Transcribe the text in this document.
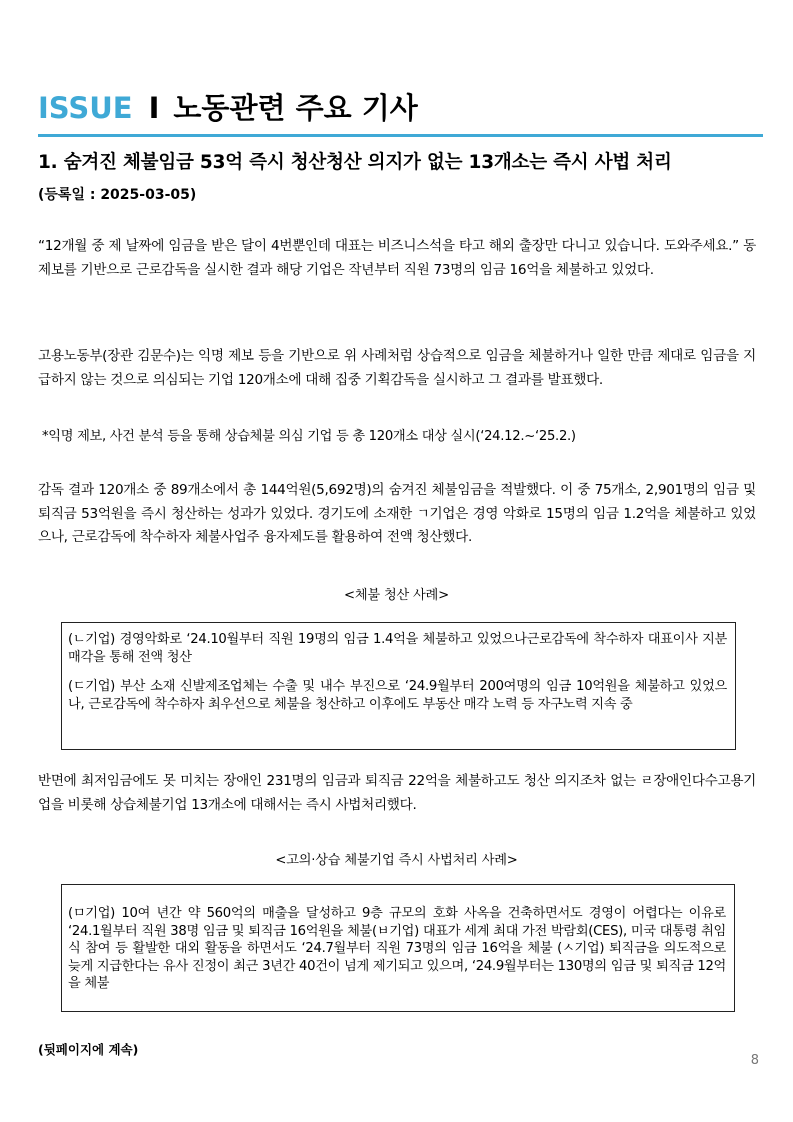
ISSUE I 노동관련 주요 기사
1. 숨겨진 체불임금 53억 즉시 청산청산 의지가 없는 13개소는 즉시 사법 처리
(등록일 : 2025-03-05)

“12개월 중 제 날짜에 임금을 받은 달이 4번뿐인데 대표는 비즈니스석을 타고 해외 출장만 다니고 있습니다. 도와주세요.” 동 제보를 기반으로 근로감독을 실시한 결과 해당 기업은 작년부터 직원 73명의 임금 16억을 체불하고 있었다.

고용노동부(장관 김문수)는 익명 제보 등을 기반으로 위 사례처럼 상습적으로 임금을 체불하거나 일한 만큼 제대로 임금을 지급하지 않는 것으로 의심되는 기업 120개소에 대해 집중 기획감독을 실시하고 그 결과를 발표했다.

*익명 제보, 사건 분석 등을 통해 상습체불 의심 기업 등 총 120개소 대상 실시(‘24.12.~‘25.2.)

감독 결과 120개소 중 89개소에서 총 144억원(5,692명)의 숨겨진 체불임금을 적발했다. 이 중 75개소, 2,901명의 임금 및 퇴직금 53억원을 즉시 청산하는 성과가 있었다. 경기도에 소재한 ㄱ기업은 경영 악화로 15명의 임금 1.2억을 체불하고 있었으나, 근로감독에 착수하자 체불사업주 융자제도를 활용하여 전액 청산했다.

<체불 청산 사례>

(ㄴ기업) 경영악화로 ‘24.10월부터 직원 19명의 임금 1.4억을 체불하고 있었으나근로감독에 착수하자 대표이사 지분 매각을 통해 전액 청산

(ㄷ기업) 부산 소재 신발제조업체는 수출 및 내수 부진으로 ‘24.9월부터 200여명의 임금 10억원을 체불하고 있었으나, 근로감독에 착수하자 최우선으로 체불을 청산하고 이후에도 부동산 매각 노력 등 자구노력 지속 중

반면에 최저임금에도 못 미치는 장애인 231명의 임금과 퇴직금 22억을 체불하고도 청산 의지조차 없는 ㄹ장애인다수고용기업을 비롯해 상습체불기업 13개소에 대해서는 즉시 사법처리했다.

<고의·상습 체불기업 즉시 사법처리 사례>

(ㅁ기업) 10여 년간 약 560억의 매출을 달성하고 9층 규모의 호화 사옥을 건축하면서도 경영이 어렵다는 이유로 ‘24.1월부터 직원 38명 임금 및 퇴직금 16억원을 체불(ㅂ기업) 대표가 세계 최대 가전 박람회(CES), 미국 대통령 취임식 참여 등 활발한 대외 활동을 하면서도 ‘24.7월부터 직원 73명의 임금 16억을 체불 (ㅅ기업) 퇴직금을 의도적으로 늦게 지급한다는 유사 진정이 최근 3년간 40건이 넘게 제기되고 있으며, ‘24.9월부터는 130명의 임금 및 퇴직금 12억을 체불

(뒷페이지에 계속)
8
